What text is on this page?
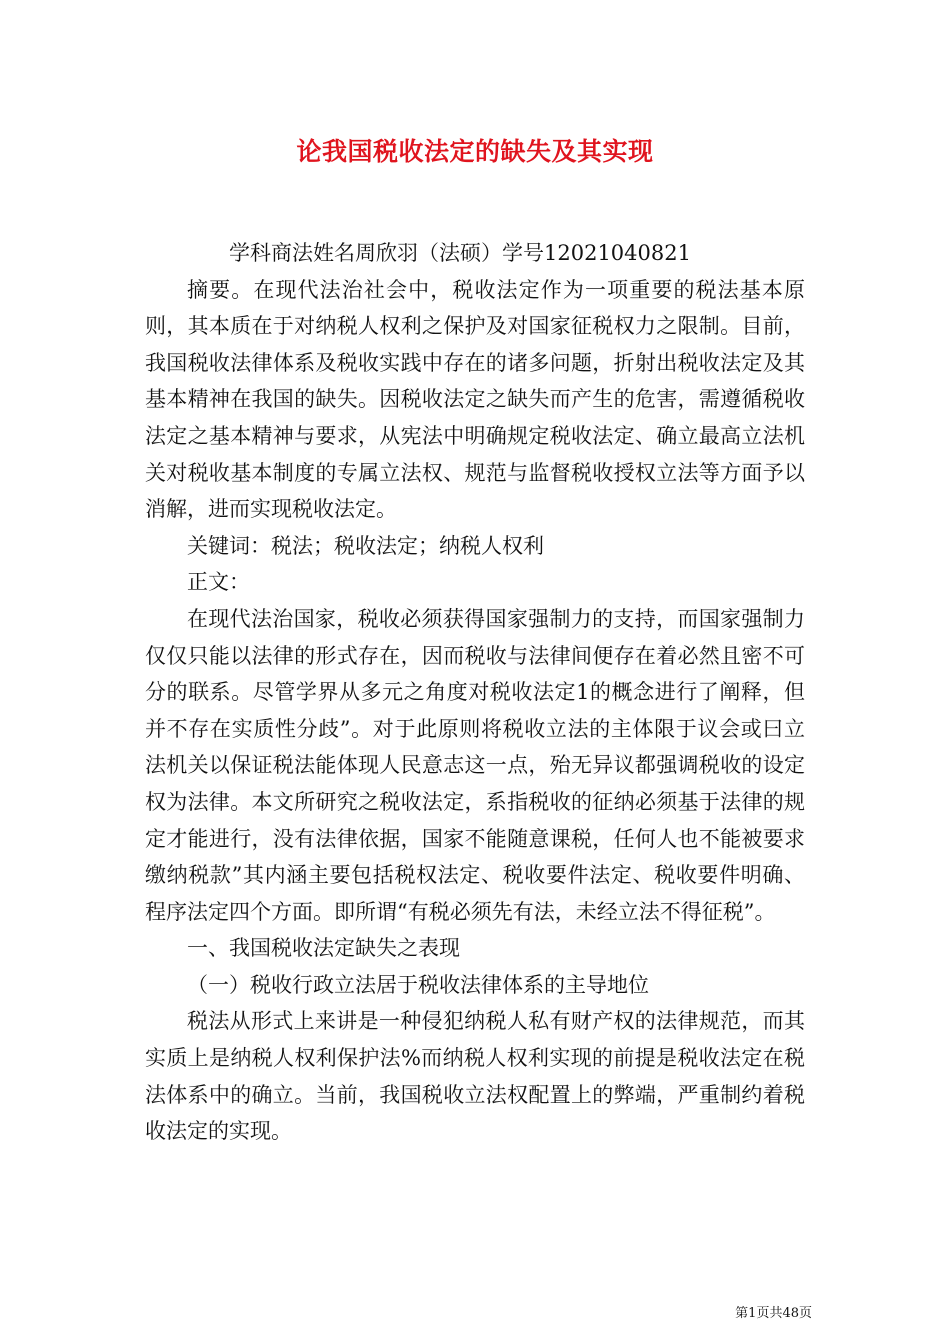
论我国税收法定的缺失及其实现

学科商法姓名周欣羽（法硕）学号12021040821

摘要。在现代法治社会中，税收法定作为一项重要的税法基本原则，其本质在于对纳税人权利之保护及对国家征税权力之限制。目前，我国税收法律体系及税收实践中存在的诸多问题，折射出税收法定及其基本精神在我国的缺失。因税收法定之缺失而产生的危害，需遵循税收法定之基本精神与要求，从宪法中明确规定税收法定、确立最高立法机关对税收基本制度的专属立法权、规范与监督税收授权立法等方面予以消解，进而实现税收法定。

关键词：税法；税收法定；纳税人权利

正文：

在现代法治国家，税收必须获得国家强制力的支持，而国家强制力仅仅只能以法律的形式存在，因而税收与法律间便存在着必然且密不可分的联系。尽管学界从多元之角度对税收法定1的概念进行了阐释，但并不存在实质性分歧”。对于此原则将税收立法的主体限于议会或曰立法机关以保证税法能体现人民意志这一点，殆无异议都强调税收的设定权为法律。本文所研究之税收法定，系指税收的征纳必须基于法律的规定才能进行，没有法律依据，国家不能随意课税，任何人也不能被要求缴纳税款”其内涵主要包括税权法定、税收要件法定、税收要件明确、程序法定四个方面。即所谓“有税必须先有法，未经立法不得征税”。

一、我国税收法定缺失之表现

（一）税收行政立法居于税收法律体系的主导地位

税法从形式上来讲是一种侵犯纳税人私有财产权的法律规范，而其实质上是纳税人权利保护法%而纳税人权利实现的前提是税收法定在税法体系中的确立。当前，我国税收立法权配置上的弊端，严重制约着税收法定的实现。

第1页共48页
